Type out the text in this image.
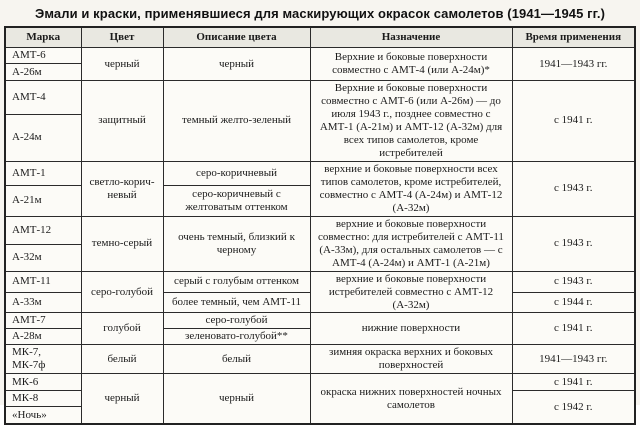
Эмали и краски, применявшиеся для маскирующих окрасок самолетов (1941—1945 гг.)
Марка	Цвет	Описание цвета	Назначение	Время применения
АМТ-6	черный	черный	Верхние и боковые поверхности совместно с АМТ-4 (или А-24м)*	1941—1943 гг.
А-26м				
АМТ-4	защитный	темный желто-зеленый	Верхние и боковые поверхности совместно с АМТ-6 (или А-26м) — до июля 1943 г., позднее совместно с АМТ-1 (А-21м) и АМТ-12 (А-32м) для всех типов самолетов, кроме истребителей	с 1941 г.
А-24м				
АМТ-1	светло-коричневый	серо-коричневый	верхние и боковые поверхности всех типов самолетов, кроме истребителей, совместно с АМТ-4 (А-24м) и АМТ-12 (А-32м)	с 1943 г.
А-21м		серо-коричневый с желтоватым оттенком		
АМТ-12	темно-серый	очень темный, близкий к черному	верхние и боковые поверхности совместно: для истребителей с АМТ-11 (А-33м), для остальных самолетов — с АМТ-4 (А-24м) и АМТ-1 (А-21м)	с 1943 г.
А-32м				
АМТ-11	серо-голубой	серый с голубым оттенком	верхние и боковые поверхности истребителей совместно с АМТ-12 (А-32м)	с 1943 г.
А-33м		более темный, чем АМТ-11		с 1944 г.
АМТ-7	голубой	серо-голубой	нижние поверхности	с 1941 г.
А-28м		зеленовато-голубой**		
МК-7, МК-7ф	белый	белый	зимняя окраска верхних и боковых поверхностей	1941—1943 гг.
МК-6	черный	черный	окраска нижних поверхностей ночных самолетов	с 1941 г.
МК-8				с 1942 г.
«Ночь»				
